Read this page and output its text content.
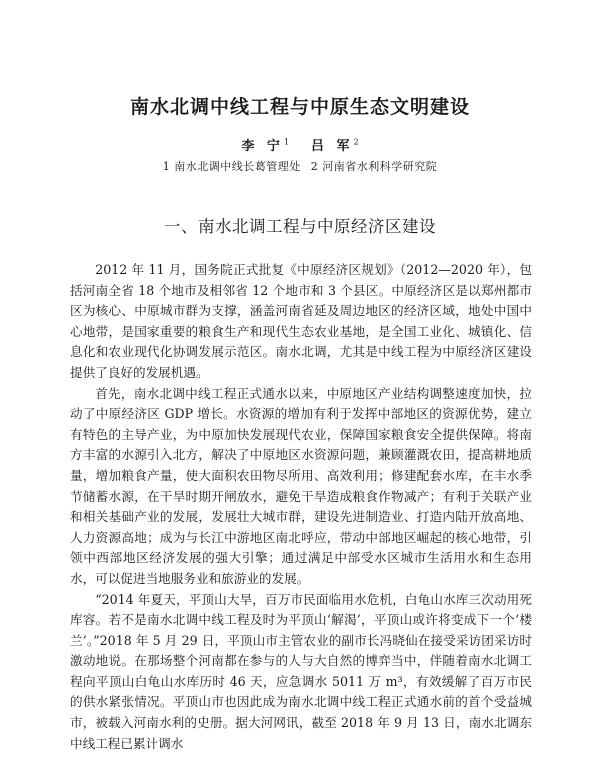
南水北调中线工程与中原生态文明建设
李 宁$^1$ 吕 军$^2$
1 南水北调中线长葛管理处 2 河南省水利科学研究院
一、南水北调工程与中原经济区建设

2012 年 11 月，国务院正式批复《中原经济区规划》（2012—2020 年），包括河南全省 18 个地市及相邻省 12 个地市和 3 个县区。中原经济区是以郑州都市区为核心、中原城市群为支撑，涵盖河南省延及周边地区的经济区域，地处中国中心地带，是国家重要的粮食生产和现代生态农业基地，是全国工业化、城镇化、信息化和农业现代化协调发展示范区。南水北调，尤其是中线工程为中原经济区建设提供了良好的发展机遇。

首先，南水北调中线工程正式通水以来，中原地区产业结构调整速度加快，拉动了中原经济区 GDP 增长。水资源的增加有利于发挥中部地区的资源优势，建立有特色的主导产业，为中原加快发展现代农业，保障国家粮食安全提供保障。将南方丰富的水源引入北方，解决了中原地区水资源问题，兼顾灌溉农田，提高耕地质量，增加粮食产量，使大面积农田物尽所用、高效利用；修建配套水库，在丰水季节储蓄水源，在干旱时期开闸放水，避免干旱造成粮食作物减产；有利于关联产业和相关基础产业的发展，发展壮大城市群，建设先进制造业、打造内陆开放高地、人力资源高地；成为与长江中游地区南北呼应，带动中部地区崛起的核心地带，引领中西部地区经济发展的强大引擎；通过满足中部受水区城市生活用水和生态用水，可以促进当地服务业和旅游业的发展。

“2014 年夏天，平顶山大旱，百万市民面临用水危机，白龟山水库三次动用死库容。若不是南水北调中线工程及时为平顶山‘解渴’，平顶山或许将变成下一个‘楼兰’。”2018 年 5 月 29 日，平顶山市主管农业的副市长冯晓仙在接受采访团采访时激动地说。在那场整个河南都在参与的人与大自然的博弈当中，伴随着南水北调工程向平顶山白龟山水库历时 46 天，应急调水 5011 万 m³，有效缓解了百万市民的供水紧张情况。平顶山市也因此成为南水北调中线工程正式通水前的首个受益城市，被载入河南水利的史册。据大河网讯，截至 2018 年 9 月 13 日，南水北调东中线工程已累计调水
